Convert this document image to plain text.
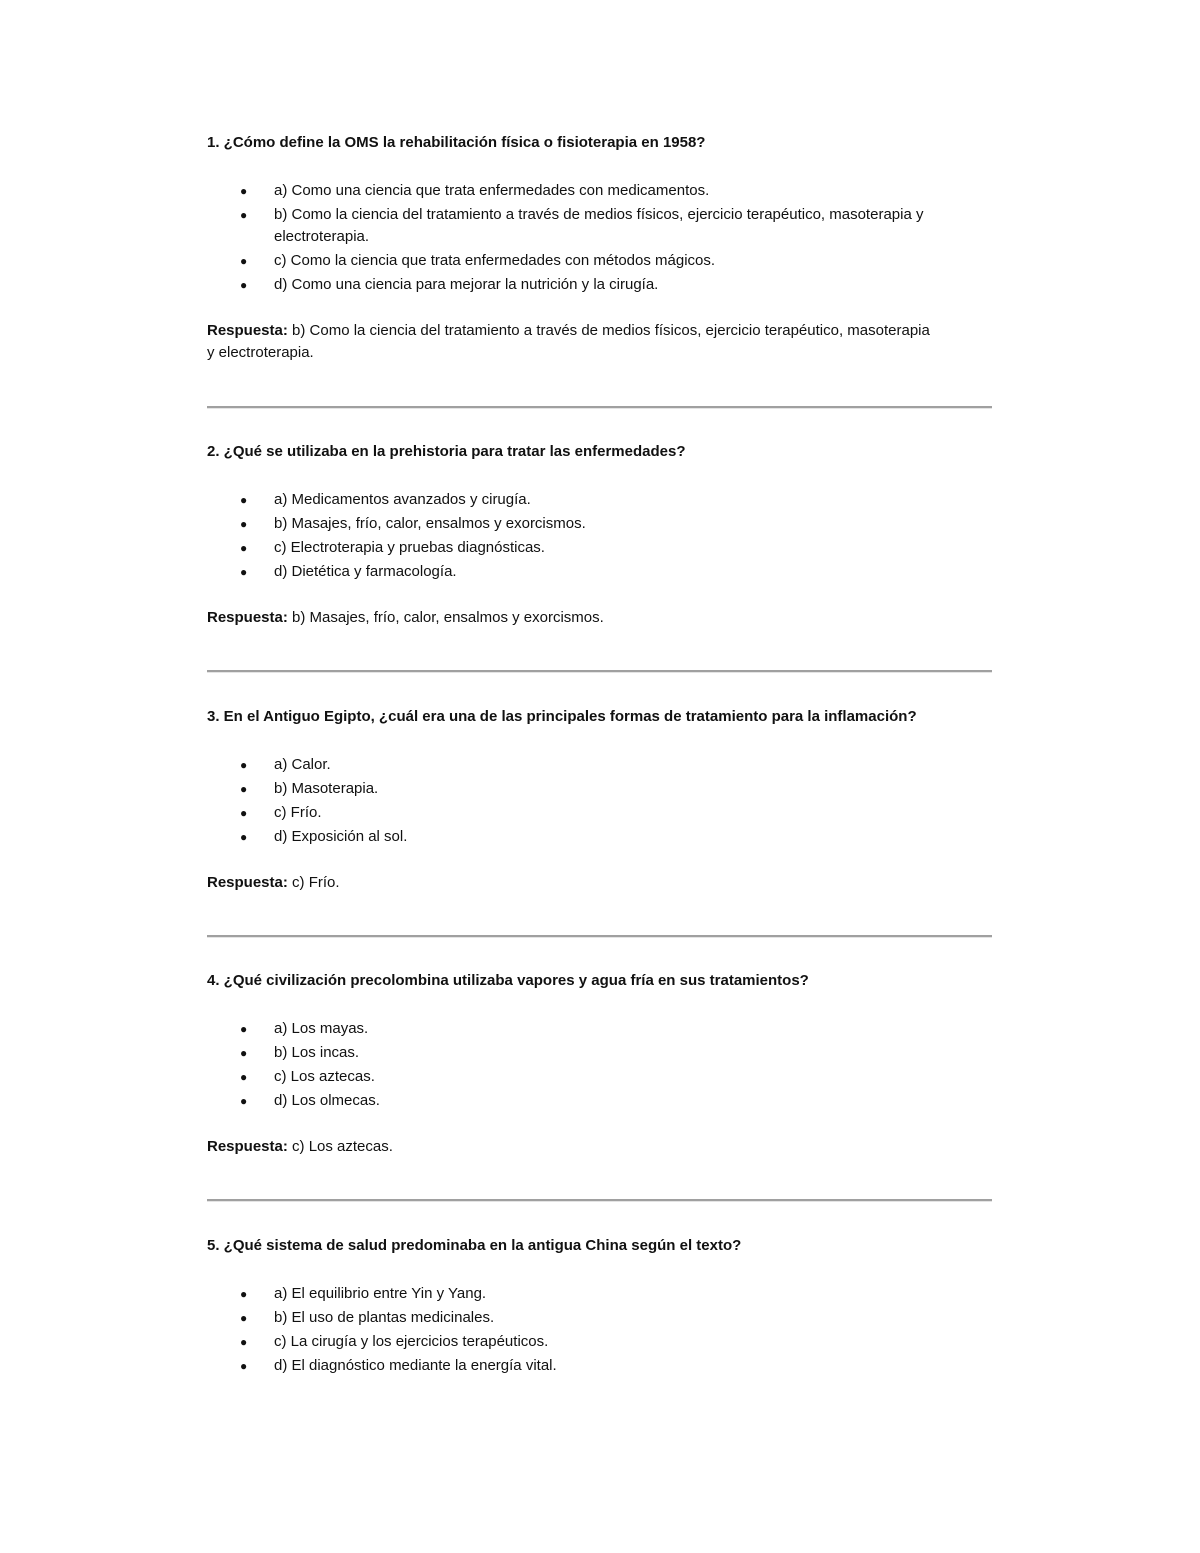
1. ¿Cómo define la OMS la rehabilitación física o fisioterapia en 1958?

● a) Como una ciencia que trata enfermedades con medicamentos.
● b) Como la ciencia del tratamiento a través de medios físicos, ejercicio terapéutico, masoterapia y electroterapia.
● c) Como la ciencia que trata enfermedades con métodos mágicos.
● d) Como una ciencia para mejorar la nutrición y la cirugía.

Respuesta: b) Como la ciencia del tratamiento a través de medios físicos, ejercicio terapéutico, masoterapia y electroterapia.

2. ¿Qué se utilizaba en la prehistoria para tratar las enfermedades?

● a) Medicamentos avanzados y cirugía.
● b) Masajes, frío, calor, ensalmos y exorcismos.
● c) Electroterapia y pruebas diagnósticas.
● d) Dietética y farmacología.

Respuesta: b) Masajes, frío, calor, ensalmos y exorcismos.

3. En el Antiguo Egipto, ¿cuál era una de las principales formas de tratamiento para la inflamación?

● a) Calor.
● b) Masoterapia.
● c) Frío.
● d) Exposición al sol.

Respuesta: c) Frío.

4. ¿Qué civilización precolombina utilizaba vapores y agua fría en sus tratamientos?

● a) Los mayas.
● b) Los incas.
● c) Los aztecas.
● d) Los olmecas.

Respuesta: c) Los aztecas.

5. ¿Qué sistema de salud predominaba en la antigua China según el texto?

● a) El equilibrio entre Yin y Yang.
● b) El uso de plantas medicinales.
● c) La cirugía y los ejercicios terapéuticos.
● d) El diagnóstico mediante la energía vital.
